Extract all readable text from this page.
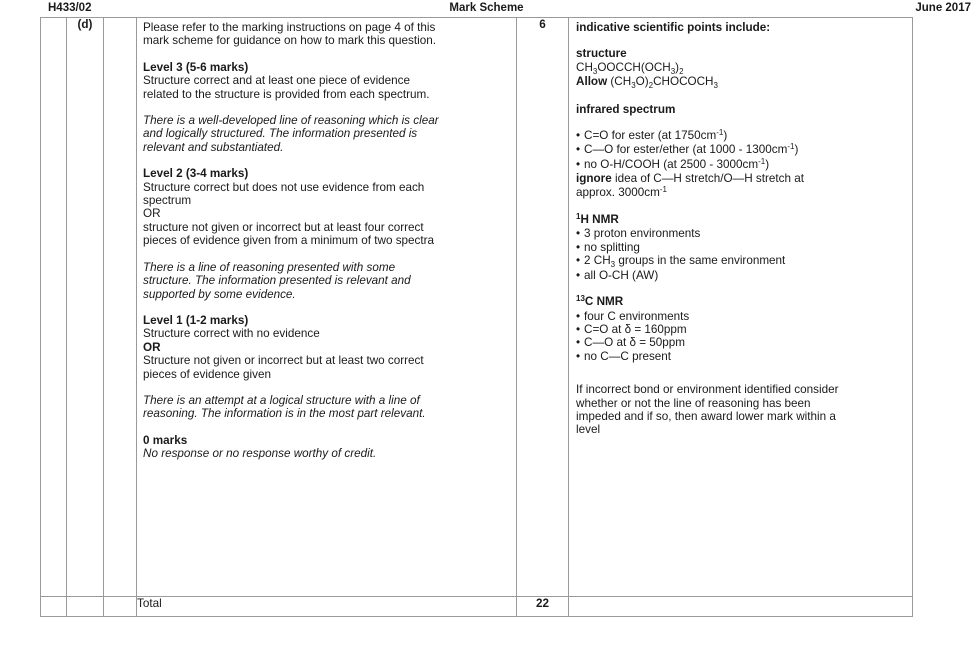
H433/02	Mark Scheme	June 2017
	(d)		Please refer to the marking instructions on page 4 of this

mark scheme for guidance on how to mark this question.

Level 3 (5-6 marks)

Structure correct and at least one piece of evidence

related to the structure is provided from each spectrum.

There is a well-developed line of reasoning which is clear

and logically structured. The information presented is

relevant and substantiated.

Level 2 (3-4 marks)

Structure correct but does not use evidence from each

spectrum

OR

structure not given or incorrect but at least four correct

pieces of evidence given from a minimum of two spectra

There is a line of reasoning presented with some

structure. The information presented is relevant and

supported by some evidence.

Level 1 (1-2 marks)

Structure correct with no evidence

OR

Structure not given or incorrect but at least two correct

pieces of evidence given

There is an attempt at a logical structure with a line of

reasoning. The information is in the most part relevant.

0 marks

No response or no response worthy of credit.

	6	indicative scientific points include:

structure

$CH_3OOCCH(OCH_3)_2$

Allow $(CH_3O)_2CHOCOCH_3$

infrared spectrum

• C=O for ester (at $1750cm^{-1}$)

• C—O for ester/ether (at $1000 - 1300cm^{-1}$)

• no O-H/COOH (at $2500 - 3000cm^{-1}$)

ignore idea of C—H stretch/O—H stretch at

approx. $3000cm^{-1}$

$^1$H NMR

• 3 proton environments

• no splitting

• 2 $CH_3$ groups in the same environment

• all O-CH (AW)

$^{13}$C NMR

• four C environments

• C=O at δ = 160ppm

• C—O at δ = 50ppm

• no C—C present

If incorrect bond or environment identified consider

whether or not the line of reasoning has been

impeded and if so, then award lower mark within a

level

			Total	22	
